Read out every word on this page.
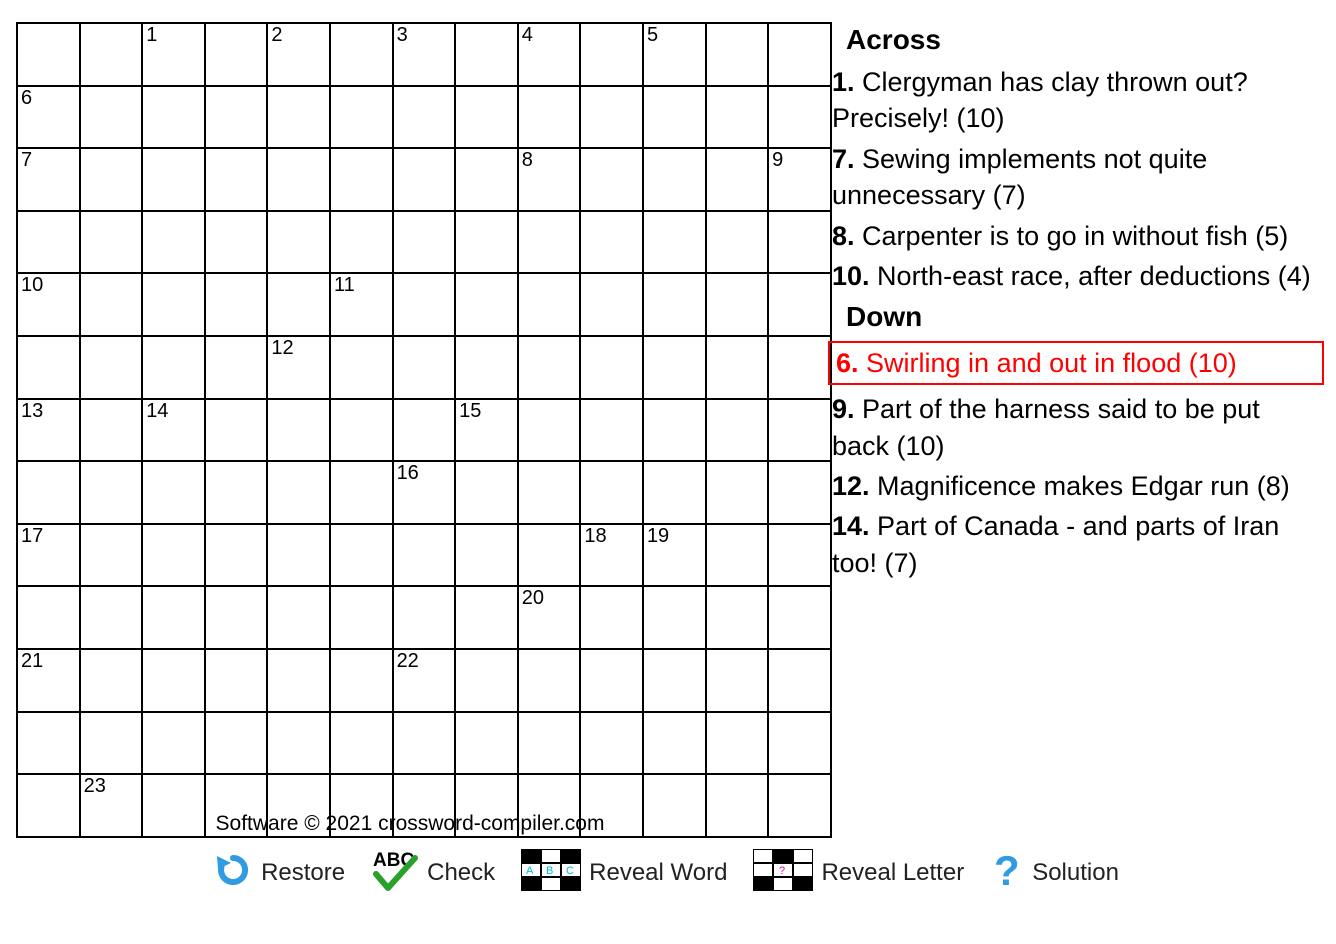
		1		2		3		4		5		

6												

7								8				9

10					11							

				12								

13		14					15					

						16						

17									18	19		

								20				

21						22						

	23											

Software © 2021 crossword-compiler.com
Restore ABC Check	A B C Reveal Word	? Reveal Letter ? Solution
Across
1. Clergyman has clay thrown out? Precisely! (10)
7. Sewing implements not quite unnecessary (7)
8. Carpenter is to go in without fish (5)
10. North-east race, after deductions (4)
Down
6. Swirling in and out in flood (10)
9. Part of the harness said to be put back (10)
12. Magnificence makes Edgar run (8)
14. Part of Canada - and parts of Iran too! (7)
